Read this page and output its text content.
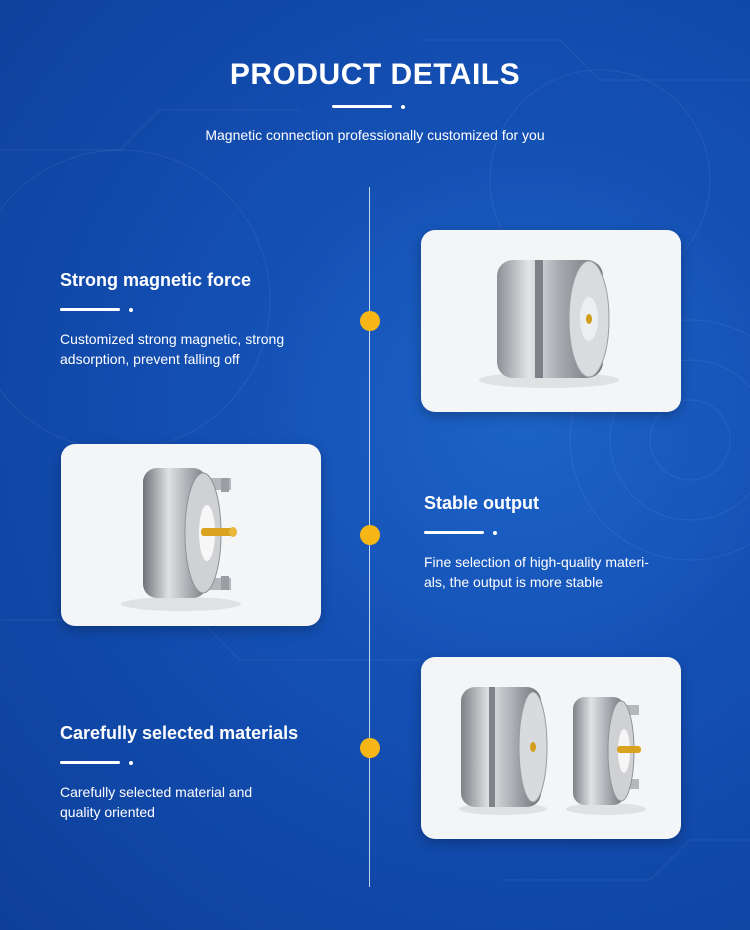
PRODUCT DETAILS
Magnetic connection professionally customized for you
Strong magnetic force
Customized strong magnetic, strong
adsorption, prevent falling off
Stable output
Fine selection of high-quality materi-
als, the output is more stable
Carefully selected materials
Carefully selected material and
quality oriented
